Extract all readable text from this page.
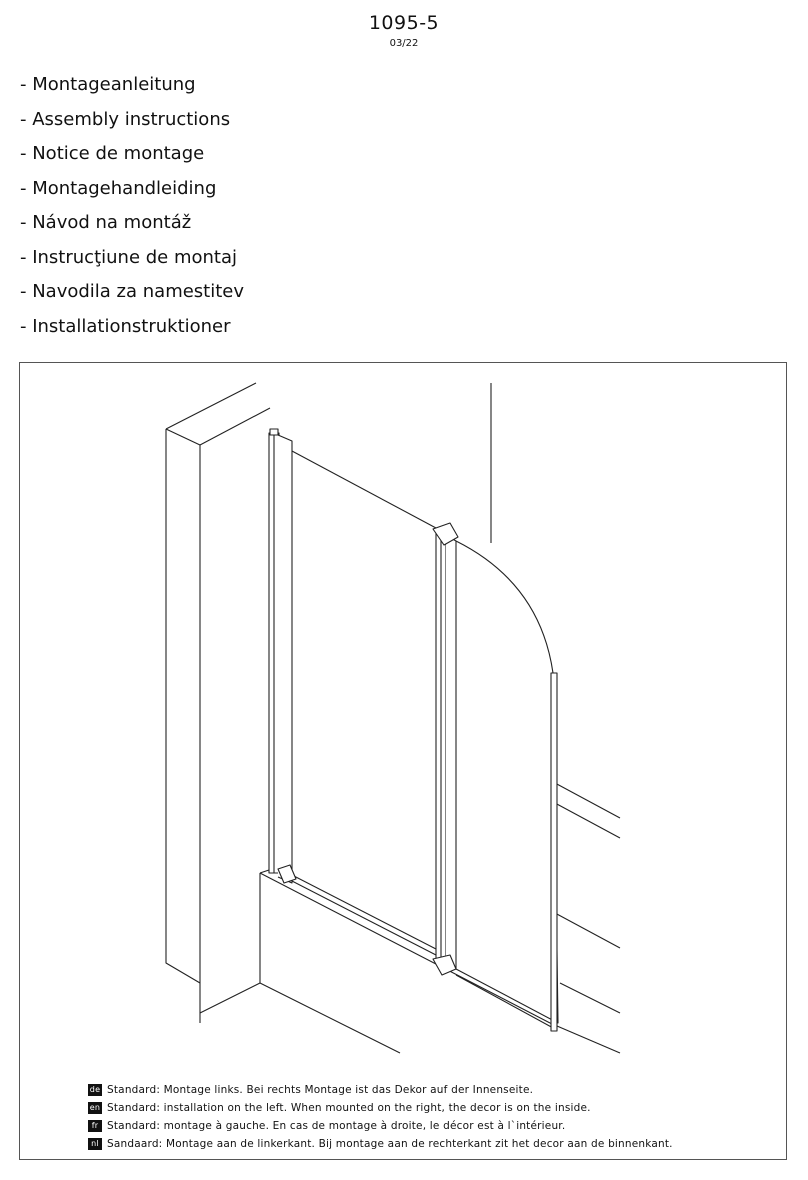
1095-5
03/22
- Montageanleitung
- Assembly instructions
- Notice de montage
- Montagehandleiding
- Návod na montáž
- Instrucţiune de montaj
- Navodila za namestitev
- Installationstruktioner
de Standard: Montage links. Bei rechts Montage ist das Dekor auf der Innenseite.
en Standard: installation on the left. When mounted on the right, the decor is on the inside.
fr Standard: montage à gauche. En cas de montage à droite, le décor est à l`intérieur.
nl Sandaard: Montage aan de linkerkant. Bij montage aan de rechterkant zit het decor aan de binnenkant.
